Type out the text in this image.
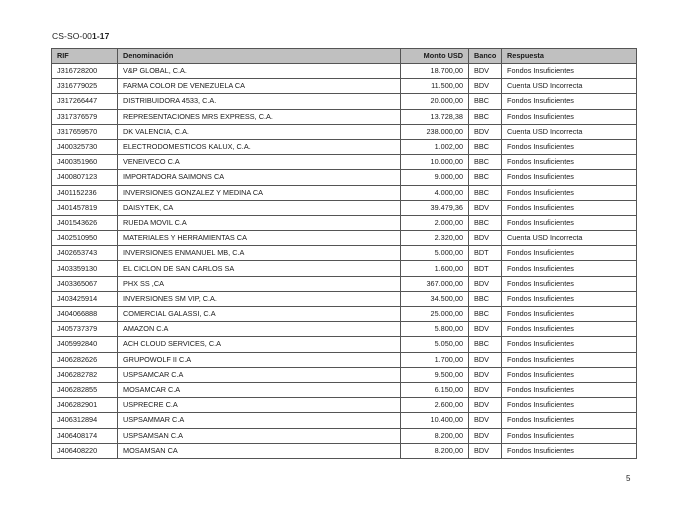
CS-SO-001-17
RIF	Denominación	Monto USD	Banco	Respuesta
J316728200	V&P GLOBAL, C.A.	18.700,00	BDV	Fondos Insuficientes
J316779025	FARMA COLOR DE VENEZUELA CA	11.500,00	BDV	Cuenta USD Incorrecta
J317266447	DISTRIBUIDORA 4533, C.A.	20.000,00	BBC	Fondos Insuficientes
J317376579	REPRESENTACIONES MRS EXPRESS, C.A.	13.728,38	BBC	Fondos Insuficientes
J317659570	DK VALENCIA, C.A.	238.000,00	BDV	Cuenta USD Incorrecta
J400325730	ELECTRODOMESTICOS KALUX, C.A.	1.002,00	BBC	Fondos Insuficientes
J400351960	VENEIVECO C.A	10.000,00	BBC	Fondos Insuficientes
J400807123	IMPORTADORA SAIMONS CA	9.000,00	BBC	Fondos Insuficientes
J401152236	INVERSIONES GONZALEZ Y MEDINA CA	4.000,00	BBC	Fondos Insuficientes
J401457819	DAISYTEK, CA	39.479,36	BDV	Fondos Insuficientes
J401543626	RUEDA MOVIL C.A	2.000,00	BBC	Fondos Insuficientes
J402510950	MATERIALES Y HERRAMIENTAS CA	2.320,00	BDV	Cuenta USD Incorrecta
J402653743	INVERSIONES ENMANUEL MB, C.A	5.000,00	BDT	Fondos Insuficientes
J403359130	EL CICLON DE SAN CARLOS SA	1.600,00	BDT	Fondos Insuficientes
J403365067	PHX SS ,CA	367.000,00	BDV	Fondos Insuficientes
J403425914	INVERSIONES SM VIP, C.A.	34.500,00	BBC	Fondos Insuficientes
J404066888	COMERCIAL GALASSI, C.A	25.000,00	BBC	Fondos Insuficientes
J405737379	AMAZON C.A	5.800,00	BDV	Fondos Insuficientes
J405992840	ACH CLOUD SERVICES, C.A	5.050,00	BBC	Fondos Insuficientes
J406282626	GRUPOWOLF II C.A	1.700,00	BDV	Fondos Insuficientes
J406282782	USPSAMCAR C.A	9.500,00	BDV	Fondos Insuficientes
J406282855	MOSAMCAR C.A	6.150,00	BDV	Fondos Insuficientes
J406282901	USPRECRE C.A	2.600,00	BDV	Fondos Insuficientes
J406312894	USPSAMMAR C.A	10.400,00	BDV	Fondos Insuficientes
J406408174	USPSAMSAN C.A	8.200,00	BDV	Fondos Insuficientes
J406408220	MOSAMSAN CA	8.200,00	BDV	Fondos Insuficientes
5
